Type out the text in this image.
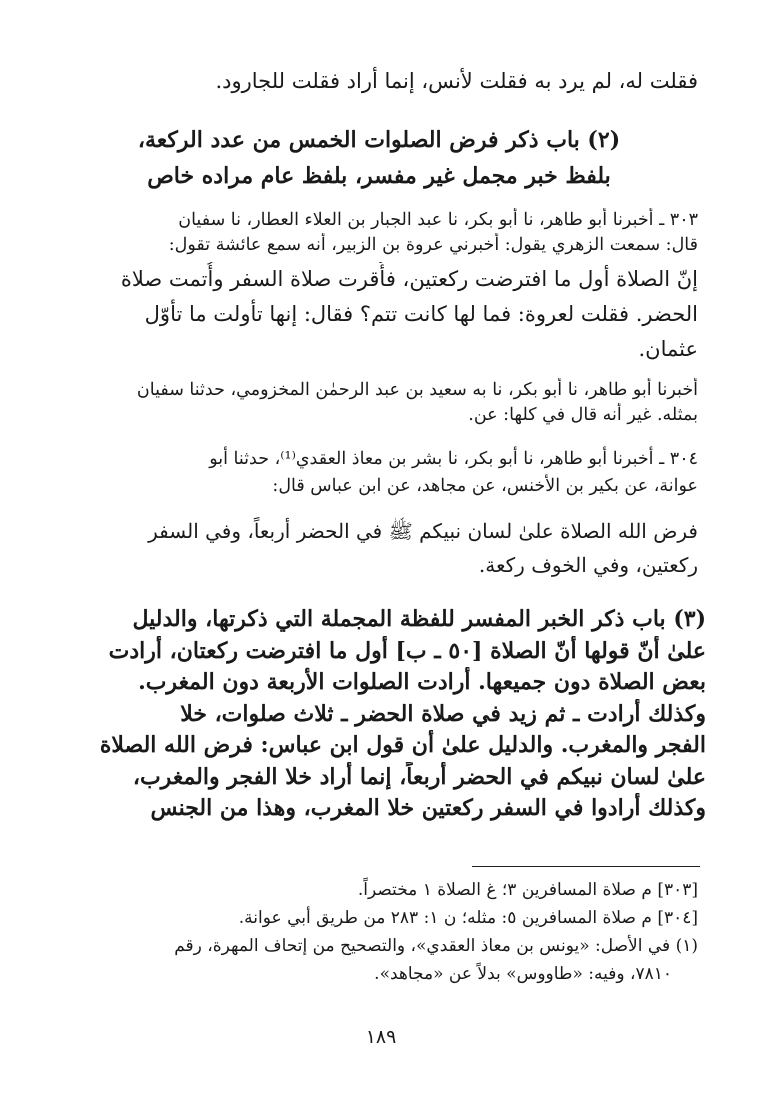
فقلت له، لم يرد به فقلت لأنس، إنما أراد فقلت للجارود.
(٢) باب ذكر فرض الصلوات الخمس من عدد الركعة،
بلفظ خبر مجمل غير مفسر، بلفظ عام مراده خاص
٣٠٣ ـ أخبرنا أبو طاهر، نا أبو بكر، نا عبد الجبار بن العلاء العطار، نا سفيان
قال: سمعت الزهري يقول: أخبرني عروة بن الزبير، أنه سمع عائشة تقول:
إنّ الصلاة أول ما افترضت ركعتين، فأُقرت صلاة السفر وأُتمت صلاة
الحضر. فقلت لعروة: فما لها كانت تتم؟ فقال: إنها تأولت ما تأوّل
عثمان.
أخبرنا أبو طاهر، نا أبو بكر، نا به سعيد بن عبد الرحمٰن المخزومي، حدثنا سفيان
بمثله. غير أنه قال في كلها: عن.
٣٠٤ ـ أخبرنا أبو طاهر، نا أبو بكر، نا بشر بن معاذ العقدي⁽¹⁾، حدثنا أبو
عوانة، عن بكير بن الأخنس، عن مجاهد، عن ابن عباس قال:
فرض الله الصلاة علىٰ لسان نبيكم ﷺ في الحضر أربعاً، وفي السفر
ركعتين، وفي الخوف ركعة.
(٣) باب ذكر الخبر المفسر للفظة المجملة التي ذكرتها، والدليل
علىٰ أنّ قولها أنّ الصلاة [٥٠ ـ ب] أول ما افترضت ركعتان، أرادت
بعض الصلاة دون جميعها. أرادت الصلوات الأربعة دون المغرب.
وكذلك أرادت ـ ثم زيد في صلاة الحضر ـ ثلاث صلوات، خلا
الفجر والمغرب. والدليل علىٰ أن قول ابن عباس: فرض الله الصلاة
علىٰ لسان نبيكم في الحضر أربعاً، إنما أراد خلا الفجر والمغرب،
وكذلك أرادوا في السفر ركعتين خلا المغرب، وهذا من الجنس
[٣٠٣] م صلاة المسافرين ٣؛ غ الصلاة ١ مختصراً.
[٣٠٤] م صلاة المسافرين ٥: مثله؛ ن ١: ٢٨٣ من طريق أبي عوانة.
(١) في الأصل: «يونس بن معاذ العقدي»، والتصحيح من إتحاف المهرة، رقم
٧٨١٠، وفيه: «طاووس» بدلاً عن «مجاهد».
١٨٩
